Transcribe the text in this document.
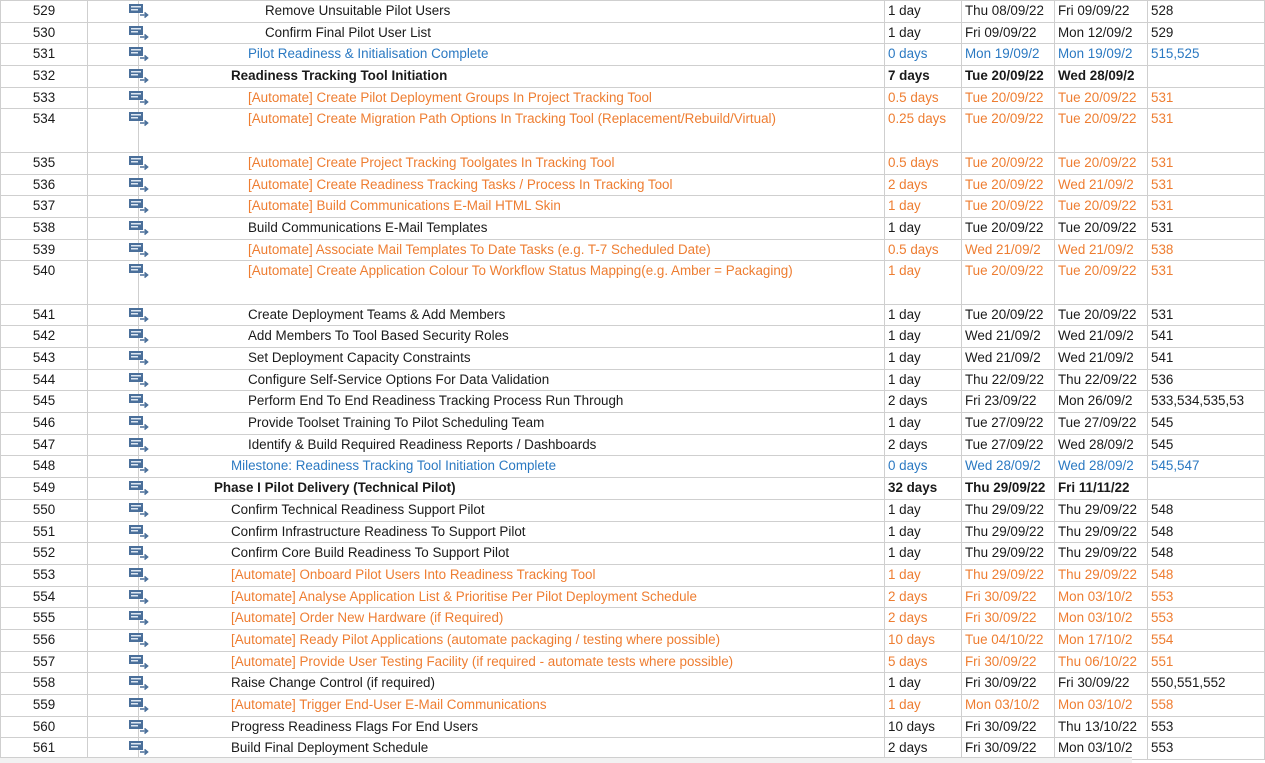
529		Remove Unsuitable Pilot Users	1 day	Thu 08/09/22	Fri 09/09/22	528
530		Confirm Final Pilot User List	1 day	Fri 09/09/22	Mon 12/09/2	529
531		Pilot Readiness & Initialisation Complete	0 days	Mon 19/09/2	Mon 19/09/2	515,525
532		Readiness Tracking Tool Initiation	7 days	Tue 20/09/22	Wed 28/09/2	
533		[Automate] Create Pilot Deployment Groups In Project Tracking Tool	0.5 days	Tue 20/09/22	Tue 20/09/22	531
534		[Automate] Create Migration Path Options In Tracking Tool (Replacement/Rebuild/Virtual)	0.25 days	Tue 20/09/22	Tue 20/09/22	531
535		[Automate] Create Project Tracking Toolgates In Tracking Tool	0.5 days	Tue 20/09/22	Tue 20/09/22	531
536		[Automate] Create Readiness Tracking Tasks / Process In Tracking Tool	2 days	Tue 20/09/22	Wed 21/09/2	531
537		[Automate] Build Communications E-Mail HTML Skin	1 day	Tue 20/09/22	Tue 20/09/22	531
538		Build Communications E-Mail Templates	1 day	Tue 20/09/22	Tue 20/09/22	531
539		[Automate] Associate Mail Templates To Date Tasks (e.g. T-7 Scheduled Date)	0.5 days	Wed 21/09/2	Wed 21/09/2	538
540		[Automate] Create Application Colour To Workflow Status Mapping(e.g. Amber = Packaging)	1 day	Tue 20/09/22	Tue 20/09/22	531
541		Create Deployment Teams & Add Members	1 day	Tue 20/09/22	Tue 20/09/22	531
542		Add Members To Tool Based Security Roles	1 day	Wed 21/09/2	Wed 21/09/2	541
543		Set Deployment Capacity Constraints	1 day	Wed 21/09/2	Wed 21/09/2	541
544		Configure Self-Service Options For Data Validation	1 day	Thu 22/09/22	Thu 22/09/22	536
545		Perform End To End Readiness Tracking Process Run Through	2 days	Fri 23/09/22	Mon 26/09/2	533,534,535,53
546		Provide Toolset Training To Pilot Scheduling Team	1 day	Tue 27/09/22	Tue 27/09/22	545
547		Identify & Build Required Readiness Reports / Dashboards	2 days	Tue 27/09/22	Wed 28/09/2	545
548		Milestone: Readiness Tracking Tool Initiation Complete	0 days	Wed 28/09/2	Wed 28/09/2	545,547
549		Phase I Pilot Delivery (Technical Pilot)	32 days	Thu 29/09/22	Fri 11/11/22	
550		Confirm Technical Readiness Support Pilot	1 day	Thu 29/09/22	Thu 29/09/22	548
551		Confirm Infrastructure Readiness To Support Pilot	1 day	Thu 29/09/22	Thu 29/09/22	548
552		Confirm Core Build Readiness To Support Pilot	1 day	Thu 29/09/22	Thu 29/09/22	548
553		[Automate] Onboard Pilot Users Into Readiness Tracking Tool	1 day	Thu 29/09/22	Thu 29/09/22	548
554		[Automate] Analyse Application List & Prioritise Per Pilot Deployment Schedule	2 days	Fri 30/09/22	Mon 03/10/2	553
555		[Automate] Order New Hardware (if Required)	2 days	Fri 30/09/22	Mon 03/10/2	553
556		[Automate] Ready Pilot Applications (automate packaging / testing where possible)	10 days	Tue 04/10/22	Mon 17/10/2	554
557		[Automate] Provide User Testing Facility (if required - automate tests where possible)	5 days	Fri 30/09/22	Thu 06/10/22	551
558		Raise Change Control (if required)	1 day	Fri 30/09/22	Fri 30/09/22	550,551,552
559		[Automate] Trigger End-User E-Mail Communications	1 day	Mon 03/10/2	Mon 03/10/2	558
560		Progress Readiness Flags For End Users	10 days	Fri 30/09/22	Thu 13/10/22	553
561		Build Final Deployment Schedule	2 days	Fri 30/09/22	Mon 03/10/2	553
